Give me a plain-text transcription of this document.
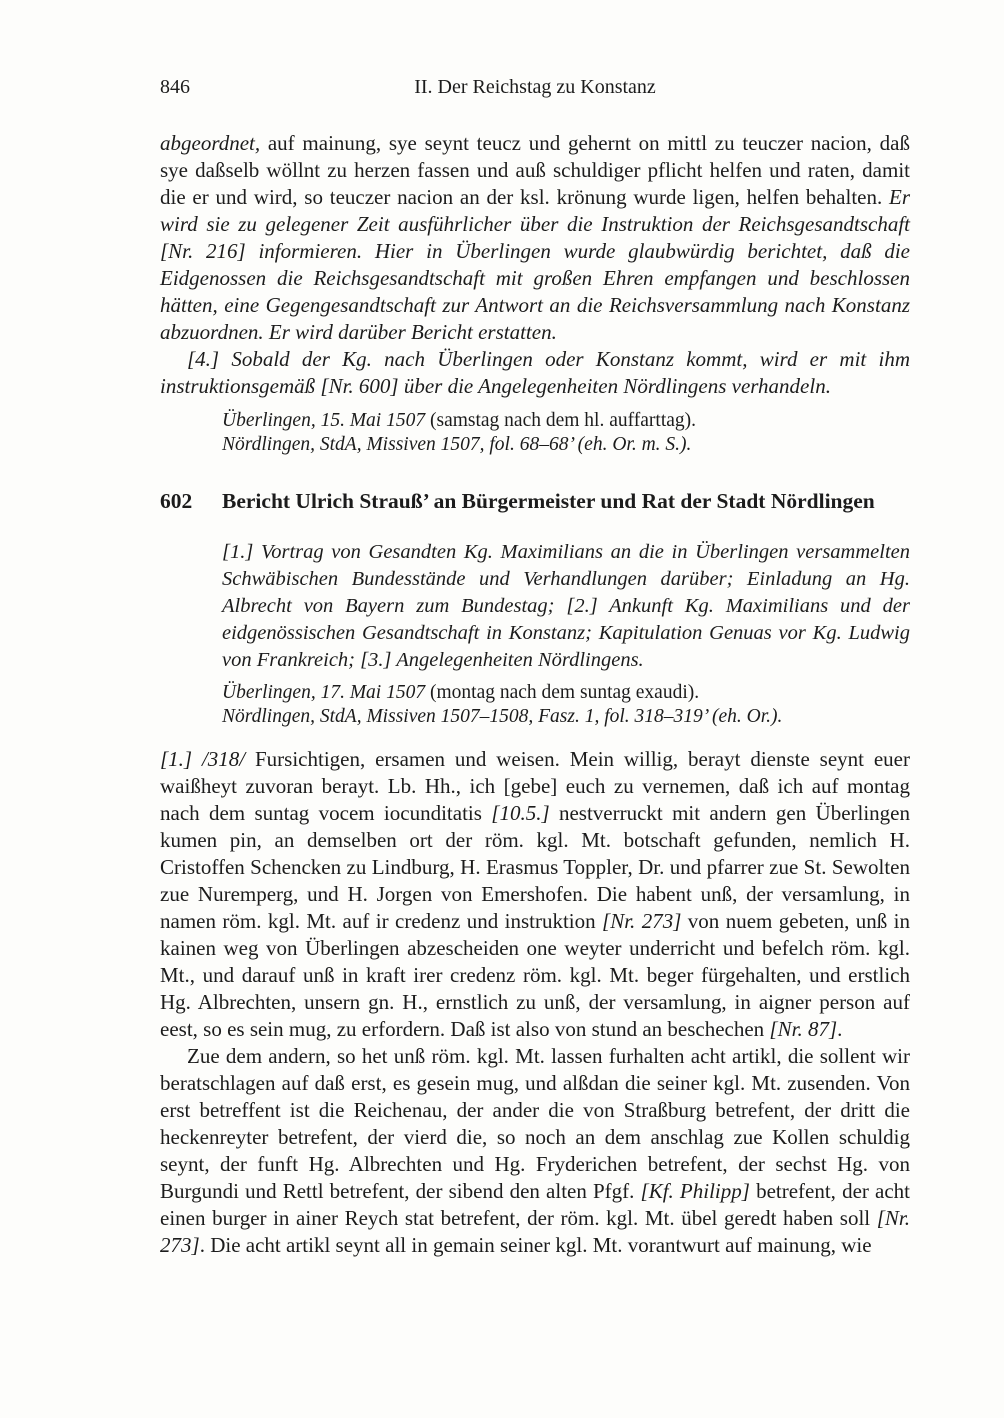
846	II. Der Reichstag zu Konstanz

abgeordnet, auf mainung, sye seynt teucz und gehernt on mittl zu teuczer nacion, daß sye daßselb wöllnt zu herzen fassen und auß schuldiger pflicht helfen und raten, damit die er und wird, so teuczer nacion an der ksl. krönung wurde ligen, helfen behalten. Er wird sie zu gelegener Zeit ausführlicher über die Instruktion der Reichsgesandtschaft [Nr. 216] informieren. Hier in Überlingen wurde glaubwürdig berichtet, daß die Eidgenossen die Reichsgesandtschaft mit großen Ehren empfangen und beschlossen hätten, eine Gegengesandtschaft zur Antwort an die Reichsversammlung nach Konstanz abzuordnen. Er wird darüber Bericht erstatten.

[4.] Sobald der Kg. nach Überlingen oder Konstanz kommt, wird er mit ihm instruktionsgemäß [Nr. 600] über die Angelegenheiten Nördlingens verhandeln.

Überlingen, 15. Mai 1507 (samstag nach dem hl. auffarttag).

Nördlingen, StdA, Missiven 1507, fol. 68–68’ (eh. Or. m. S.).

602	Bericht Ulrich Strauß’ an Bürgermeister und Rat der Stadt Nördlingen

[1.] Vortrag von Gesandten Kg. Maximilians an die in Überlingen versammelten Schwäbischen Bundesstände und Verhandlungen darüber; Einladung an Hg. Albrecht von Bayern zum Bundestag; [2.] Ankunft Kg. Maximilians und der eidgenössischen Gesandtschaft in Konstanz; Kapitulation Genuas vor Kg. Ludwig von Frankreich; [3.] Angelegenheiten Nördlingens.

Überlingen, 17. Mai 1507 (montag nach dem suntag exaudi).

Nördlingen, StdA, Missiven 1507–1508, Fasz. 1, fol. 318–319’ (eh. Or.).

[1.] /318/ Fursichtigen, ersamen und weisen. Mein willig, berayt dienste seynt euer waißheyt zuvoran berayt. Lb. Hh., ich [gebe] euch zu vernemen, daß ich auf montag nach dem suntag vocem iocunditatis [10.5.] nestverruckt mit andern gen Überlingen kumen pin, an demselben ort der röm. kgl. Mt. botschaft gefunden, nemlich H. Cristoffen Schencken zu Lindburg, H. Erasmus Toppler, Dr. und pfarrer zue St. Sewolten zue Nuremperg, und H. Jorgen von Emershofen. Die habent unß, der versamlung, in namen röm. kgl. Mt. auf ir credenz und instruktion [Nr. 273] von nuem gebeten, unß in kainen weg von Überlingen abzescheiden one weyter underricht und befelch röm. kgl. Mt., und darauf unß in kraft irer credenz röm. kgl. Mt. beger fürgehalten, und erstlich Hg. Albrechten, unsern gn. H., ernstlich zu unß, der versamlung, in aigner person auf eest, so es sein mug, zu erfordern. Daß ist also von stund an beschechen [Nr. 87].

Zue dem andern, so het unß röm. kgl. Mt. lassen furhalten acht artikl, die sollent wir beratschlagen auf daß erst, es gesein mug, und alßdan die seiner kgl. Mt. zusenden. Von erst betreffent ist die Reichenau, der ander die von Straßburg betrefent, der dritt die heckenreyter betrefent, der vierd die, so noch an dem anschlag zue Kollen schuldig seynt, der funft Hg. Albrechten und Hg. Fryderichen betrefent, der sechst Hg. von Burgundi und Rettl betrefent, der sibend den alten Pfgf. [Kf. Philipp] betrefent, der acht einen burger in ainer Reych stat betrefent, der röm. kgl. Mt. übel geredt haben soll [Nr. 273]. Die acht artikl seynt all in gemain seiner kgl. Mt. vorantwurt auf mainung, wie
